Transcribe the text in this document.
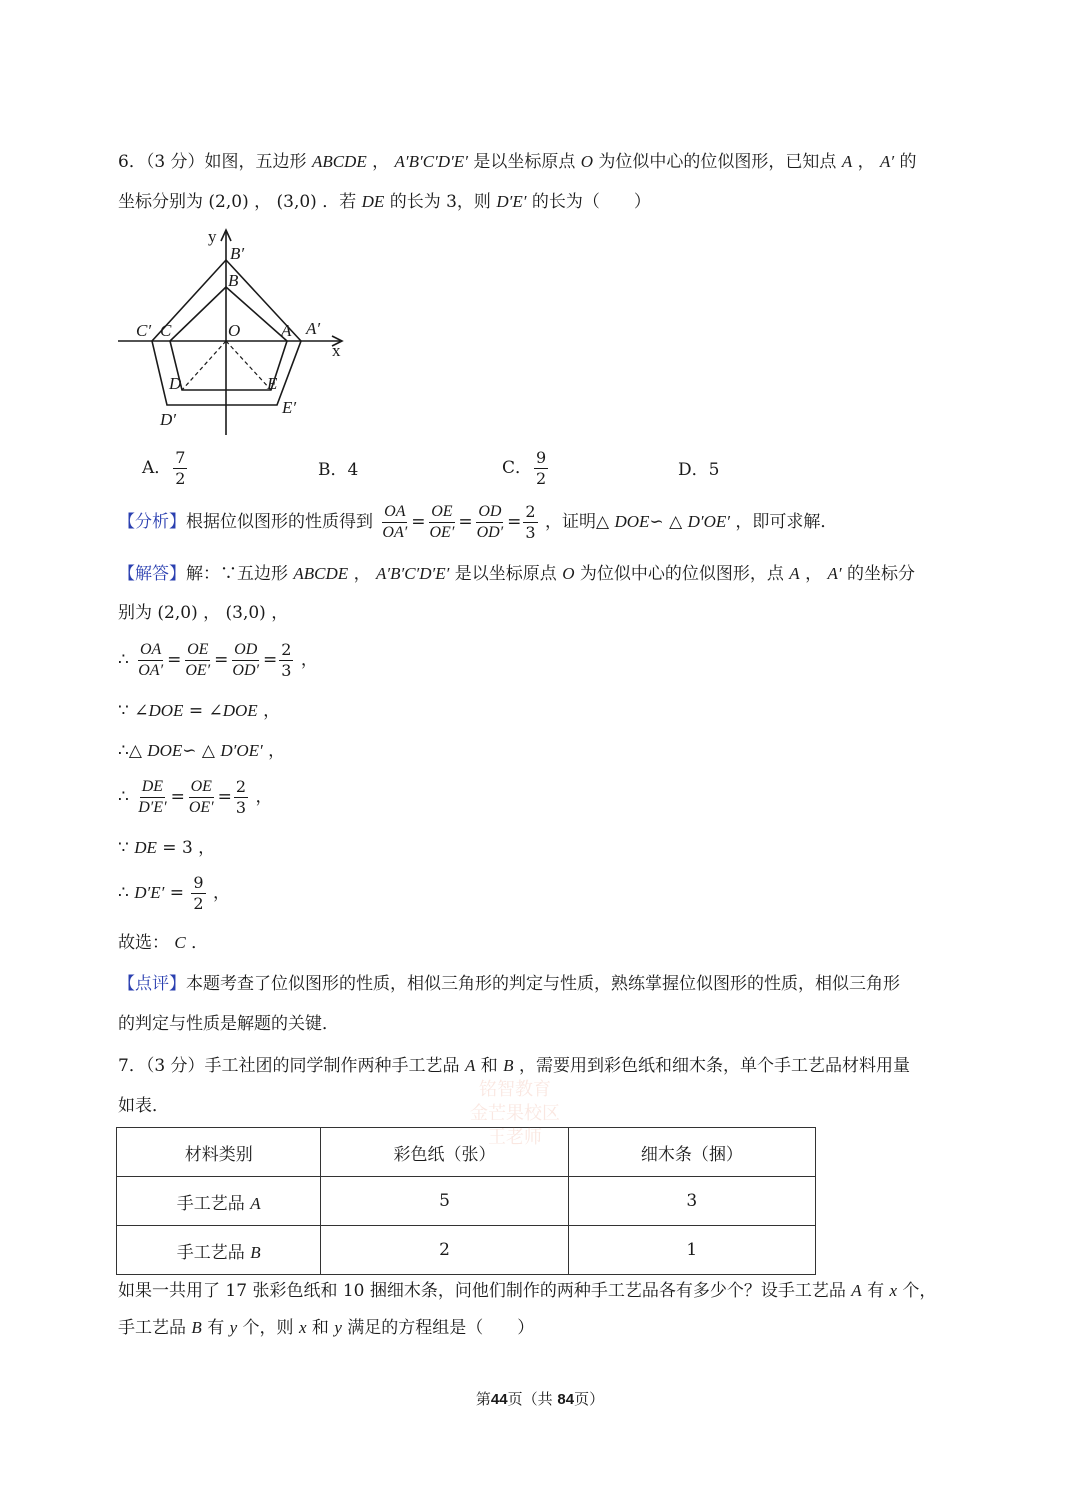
6．（3 分）如图，五边形 ABCDE ， A′B′C′D′E′ 是以坐标原点 O 为位似中心的位似图形，已知点 A ， A′ 的
坐标分别为 (2,0) ， (3,0) ．若 DE 的长为 3，则 D′E′ 的长为（　　）
y
B′
B
C′ C	O A A′
x
D	E
D′
E′
A． $\frac{7}{2}$	B．4	C． $\frac{9}{2}$	D．5
【分析】根据位似图形的性质得到 $\frac{OA}{OA'} = \frac{OE}{OE'} = \frac{OD}{OD'} = \frac{2}{3}$ ，证明△ DOE∽ △ D′OE′ ，即可求解．
【解答】解：∵五边形 ABCDE ， A′B′C′D′E′ 是以坐标原点 O 为位似中心的位似图形，点 A ， A′ 的坐标分
别为 (2,0) ， (3,0) ，
∴ $\frac{OA}{OA'} = \frac{OE}{OE'} = \frac{OD}{OD'} = \frac{2}{3}$ ，
∵ ∠DOE = ∠DOE ，
∴△ DOE∽ △ D′OE′ ，
∴ $\frac{DE}{D'E'} = \frac{OE}{OE'} = \frac{2}{3}$ ，
∵ DE = 3 ，
∴ $D'E' = \frac{9}{2}$ ，
故选： C ．
【点评】本题考查了位似图形的性质，相似三角形的判定与性质，熟练掌握位似图形的性质，相似三角形
的判定与性质是解题的关键．
7．（3 分）手工社团的同学制作两种手工艺品 A 和 B ，需要用到彩色纸和细木条，单个手工艺品材料用量
如表．
材料类别	彩色纸（张）	细木条（捆）
手工艺品 A	5	3
手工艺品 B	2	1
如果一共用了 17 张彩色纸和 10 捆细木条，问他们制作的两种手工艺品各有多少个？设手工艺品 A 有 x 个，
手工艺品 B 有 y 个，则 x 和 y 满足的方程组是（　　）
铭智教育
金芒果校区
王老师
第44页（共 84页）
